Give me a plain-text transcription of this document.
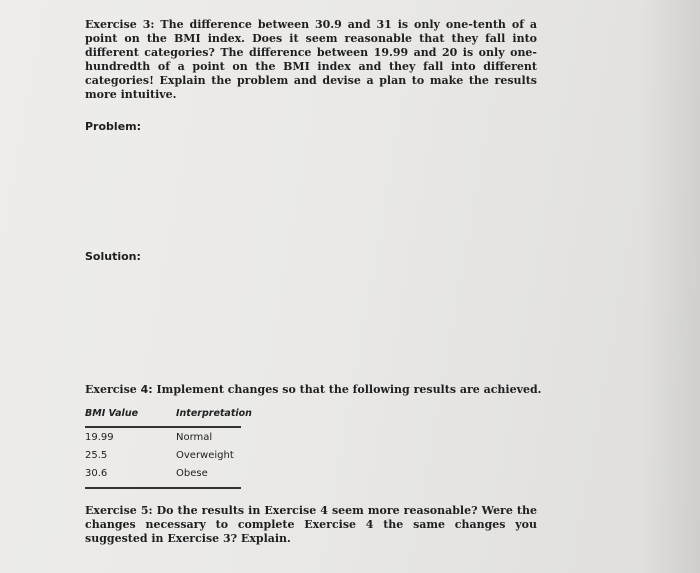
Exercise 3: The difference between 30.9 and 31 is only one-tenth of a point on the BMI index. Does it seem reasonable that they fall into different categories? The difference between 19.99 and 20 is only one-hundredth of a point on the BMI index and they fall into different categories! Explain the problem and devise a plan to make the results more intuitive.
Problem:
Solution:
Exercise 4: Implement changes so that the following results are achieved.
BMI Value	Interpretation
19.99	Normal
25.5	Overweight
30.6	Obese
Exercise 5: Do the results in Exercise 4 seem more reasonable? Were the changes necessary to complete Exercise 4 the same changes you suggested in Exercise 3? Explain.
